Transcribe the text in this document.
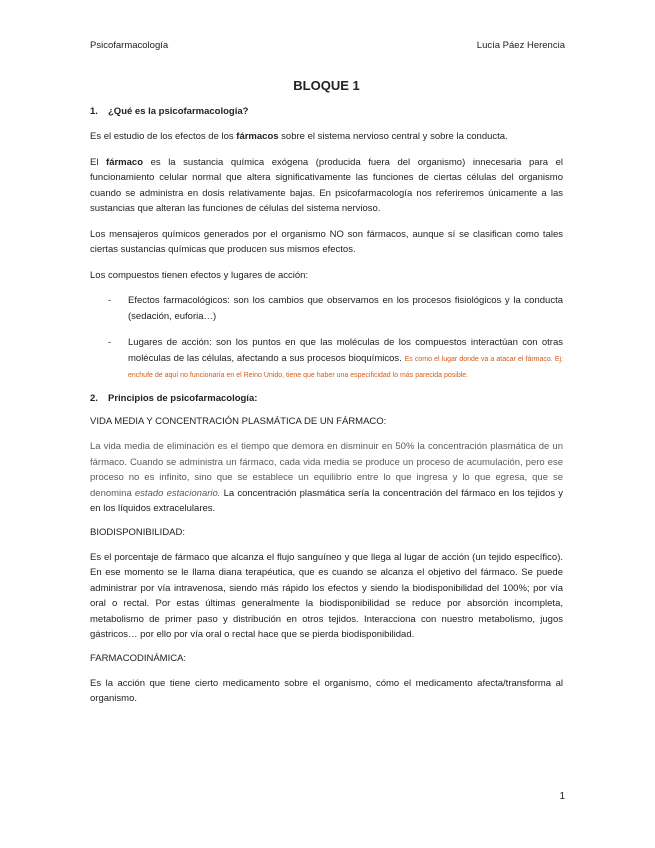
Psicofarmacología	Lucía Páez Herencia
BLOQUE 1
1. ¿Qué es la psicofarmacología?

Es el estudio de los efectos de los fármacos sobre el sistema nervioso central y sobre la conducta.

El fármaco es la sustancia química exógena (producida fuera del organismo) innecesaria para el funcionamiento celular normal que altera significativamente las funciones de ciertas células del organismo cuando se administra en dosis relativamente bajas. En psicofarmacología nos referiremos únicamente a las sustancias que alteran las funciones de células del sistema nervioso.

Los mensajeros químicos generados por el organismo NO son fármacos, aunque sí se clasifican como tales ciertas sustancias químicas que producen sus mismos efectos.

Los compuestos tienen efectos y lugares de acción:

- Efectos farmacológicos: son los cambios que observamos en los procesos fisiológicos y la conducta (sedación, euforia…)
- Lugares de acción: son los puntos en que las moléculas de los compuestos interactúan con otras moléculas de las células, afectando a sus procesos bioquímicos. Es como el lugar donde va a atacar el fármaco. Ej: enchufe de aquí no funcionaría en el Reino Unido, tiene que haber una especificidad lo más parecida posible.
2. Principios de psicofarmacología:
VIDA MEDIA Y CONCENTRACIÓN PLASMÁTICA DE UN FÁRMACO:

La vida media de eliminación es el tiempo que demora en disminuir en 50% la concentración plasmática de un fármaco. Cuando se administra un fármaco, cada vida media se produce un proceso de acumulación, pero ese proceso no es infinito, sino que se establece un equilibrio entre lo que ingresa y lo que egresa, que se denomina estado estacionario. La concentración plasmática sería la concentración del fármaco en los tejidos y en los líquidos extracelulares.

BIODISPONIBILIDAD:

Es el porcentaje de fármaco que alcanza el flujo sanguíneo y que llega al lugar de acción (un tejido específico). En ese momento se le llama diana terapéutica, que es cuando se alcanza el objetivo del fármaco. Se puede administrar por vía intravenosa, siendo más rápido los efectos y siendo la biodisponibilidad del 100%; por vía oral o rectal. Por estas últimas generalmente la biodisponibilidad se reduce por absorción incompleta, metabolismo de primer paso y distribución en otros tejidos. Interacciona con nuestro metabolismo, jugos gástricos… por ello por vía oral o rectal hace que se pierda biodisponibilidad.

FARMACODINÁMICA:

Es la acción que tiene cierto medicamento sobre el organismo, cómo el medicamento afecta/transforma al organismo.

1
